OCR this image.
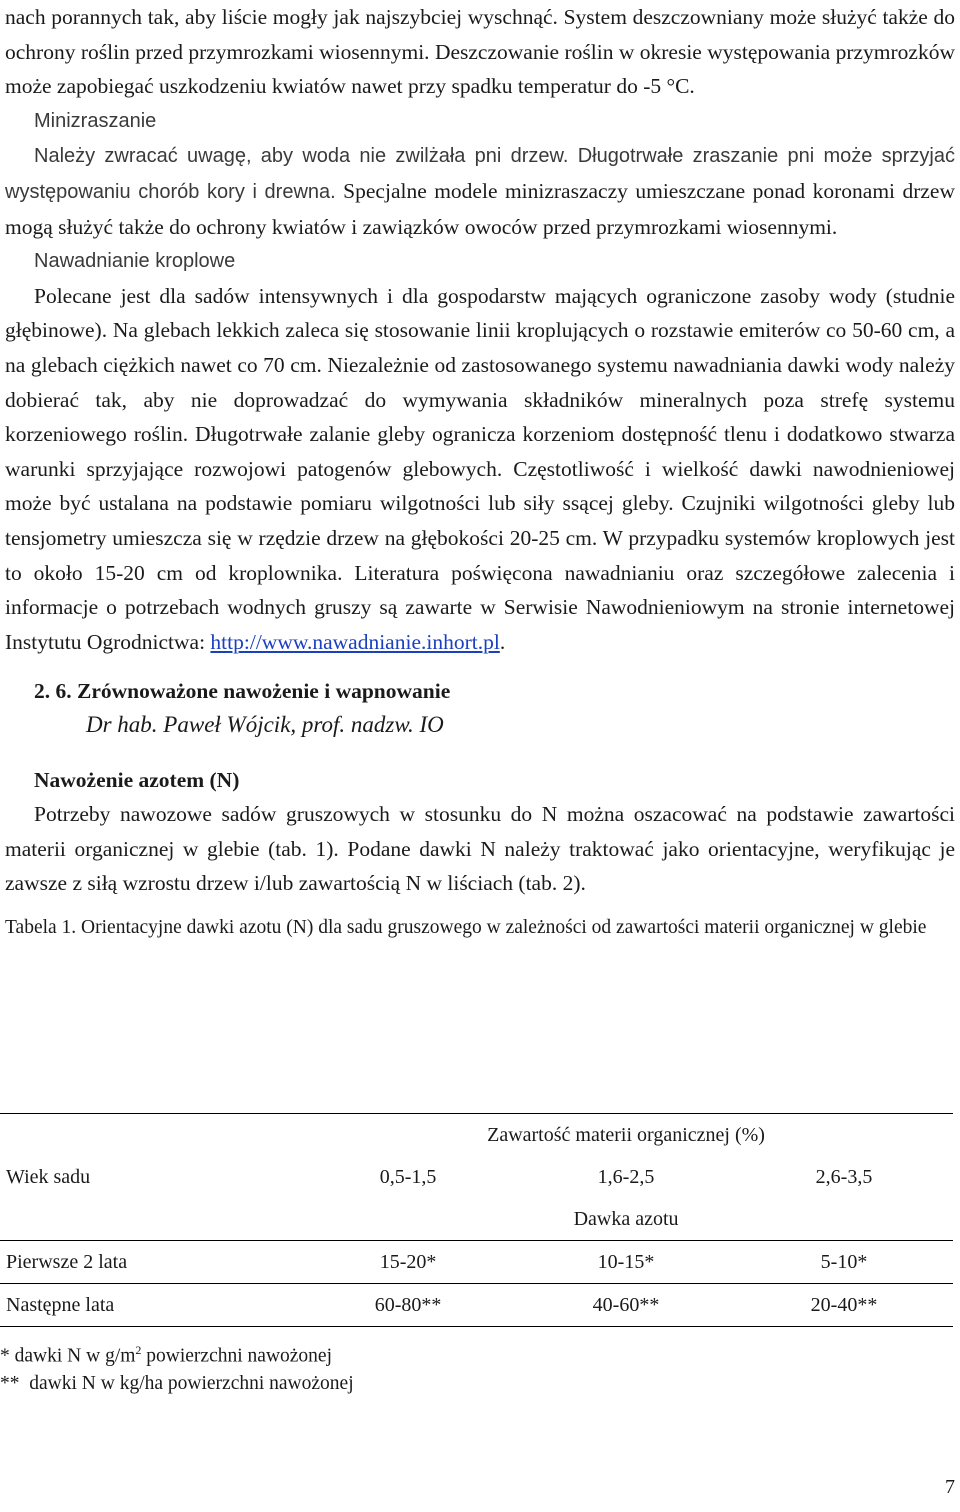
nach porannych tak, aby liście mogły jak najszybciej wyschnąć. System deszczowniany może służyć także do ochrony roślin przed przymrozkami wiosennymi. Deszczowanie roślin w okresie występowania przymrozków może zapobiegać uszkodzeniu kwiatów nawet przy spadku temperatur do -5 °C.

Minizraszanie

Należy zwracać uwagę, aby woda nie zwilżała pni drzew. Długotrwałe zraszanie pni może sprzyjać występowaniu chorób kory i drewna. Specjalne modele minizraszaczy umieszczane ponad koronami drzew mogą służyć także do ochrony kwiatów i zawiązków owoców przed przymrozkami wiosennymi.

Nawadnianie kroplowe

Polecane jest dla sadów intensywnych i dla gospodarstw mających ograniczone zasoby wody (studnie głębinowe). Na glebach lekkich zaleca się stosowanie linii kroplujących o rozstawie emiterów co 50-60 cm, a na glebach ciężkich nawet co 70 cm. Niezależnie od zastosowanego systemu nawadniania dawki wody należy dobierać tak, aby nie doprowadzać do wymywania składników mineralnych poza strefę systemu korzeniowego roślin. Długotrwałe zalanie gleby ogranicza korzeniom dostępność tlenu i dodatkowo stwarza warunki sprzyjające rozwojowi patogenów glebowych. Częstotliwość i wielkość dawki nawodnieniowej może być ustalana na podstawie pomiaru wilgotności lub siły ssącej gleby. Czujniki wilgotności gleby lub tensjometry umieszcza się w rzędzie drzew na głębokości 20-25 cm. W przypadku systemów kroplowych jest to około 15-20 cm od kroplownika. Literatura poświęcona nawadnianiu oraz szczegółowe zalecenia i informacje o potrzebach wodnych gruszy są zawarte w Serwisie Nawodnieniowym na stronie internetowej Instytutu Ogrodnictwa: http://www.nawadnianie.inhort.pl.

2. 6. Zrównoważone nawożenie i wapnowanie

Dr hab. Paweł Wójcik, prof. nadzw. IO

Nawożenie azotem (N)

Potrzeby nawozowe sadów gruszowych w stosunku do N można oszacować na podstawie zawartości materii organicznej w glebie (tab. 1). Podane dawki N należy traktować jako orientacyjne, weryfikując je zawsze z siłą wzrostu drzew i/lub zawartością N w liściach (tab. 2).

Tabela 1. Orientacyjne dawki azotu (N) dla sadu gruszowego w zależności od zawartości materii organicznej w glebie

	Zawartość materii organicznej (%)		
Wiek sadu	0,5-1,5	1,6-2,5	2,6-3,5
	Dawka azotu		
Pierwsze 2 lata	15-20*	10-15*	5-10*
Następne lata	60-80**	40-60**	20-40**
* dawki N w $g/m^2$ powierzchni nawożonej
**  dawki N w kg/ha powierzchni nawożonej
7
